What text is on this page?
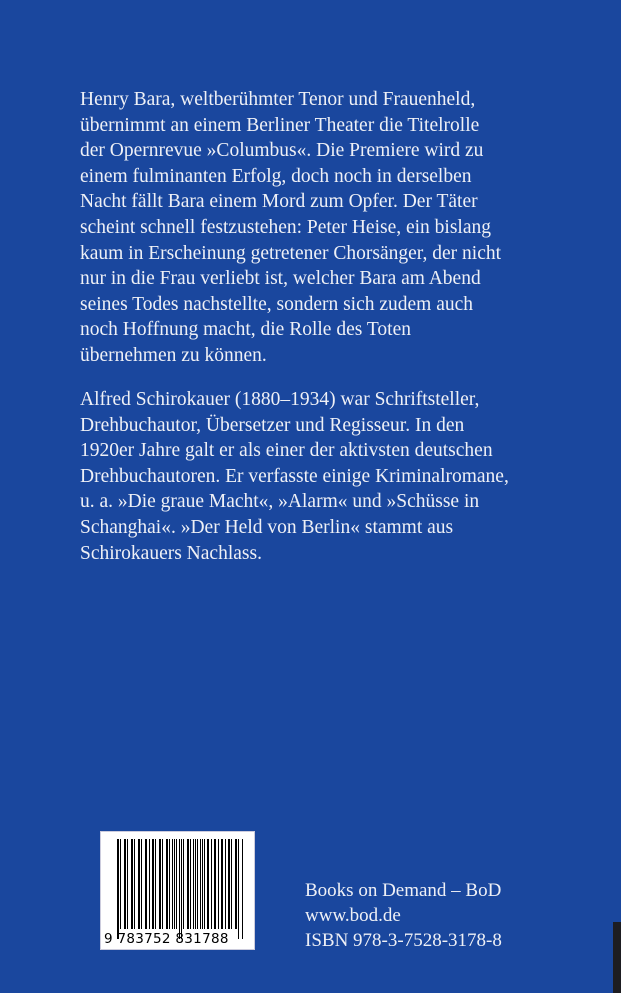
Henry Bara, weltberühmter Tenor und Frauenheld,
übernimmt an einem Berliner Theater die Titelrolle
der Opernrevue »Columbus«. Die Premiere wird zu
einem fulminanten Erfolg, doch noch in derselben
Nacht fällt Bara einem Mord zum Opfer. Der Täter
scheint schnell festzustehen: Peter Heise, ein bislang
kaum in Erscheinung getretener Chorsänger, der nicht
nur in die Frau verliebt ist, welcher Bara am Abend
seines Todes nachstellte, sondern sich zudem auch
noch Hoffnung macht, die Rolle des Toten
übernehmen zu können.
Alfred Schirokauer (1880–1934) war Schriftsteller,
Drehbuchautor, Übersetzer und Regisseur. In den
1920er Jahre galt er als einer der aktivsten deutschen
Drehbuchautoren. Er verfasste einige Kriminalromane,
u. a. »Die graue Macht«, »Alarm« und »Schüsse in
Schanghai«. »Der Held von Berlin« stammt aus
Schirokauers Nachlass.
9 783752 831788
Books on Demand – BoD
www.bod.de
ISBN 978-3-7528-3178-8
